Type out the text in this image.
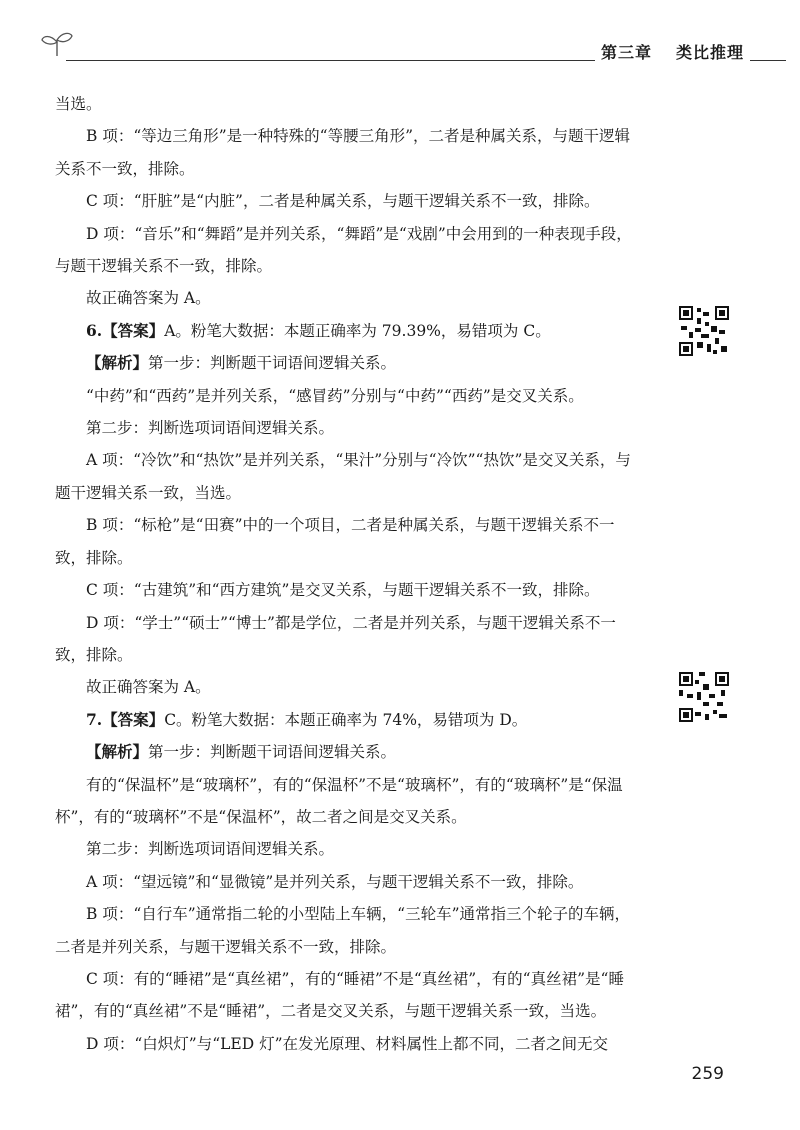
第三章 类比推理

当选。

B 项：“等边三角形”是一种特殊的“等腰三角形”，二者是种属关系，与题干逻辑关系不一致，排除。

C 项：“肝脏”是“内脏”，二者是种属关系，与题干逻辑关系不一致，排除。

D 项：“音乐”和“舞蹈”是并列关系，“舞蹈”是“戏剧”中会用到的一种表现手段，与题干逻辑关系不一致，排除。

故正确答案为 A。

6.【答案】A。粉笔大数据：本题正确率为 79.39%，易错项为 C。

【解析】第一步：判断题干词语间逻辑关系。

“中药”和“西药”是并列关系，“感冒药”分别与“中药”“西药”是交叉关系。

第二步：判断选项词语间逻辑关系。

A 项：“冷饮”和“热饮”是并列关系，“果汁”分别与“冷饮”“热饮”是交叉关系，与题干逻辑关系一致，当选。

B 项：“标枪”是“田赛”中的一个项目，二者是种属关系，与题干逻辑关系不一致，排除。

C 项：“古建筑”和“西方建筑”是交叉关系，与题干逻辑关系不一致，排除。

D 项：“学士”“硕士”“博士”都是学位，二者是并列关系，与题干逻辑关系不一致，排除。

故正确答案为 A。

7.【答案】C。粉笔大数据：本题正确率为 74%，易错项为 D。

【解析】第一步：判断题干词语间逻辑关系。

有的“保温杯”是“玻璃杯”，有的“保温杯”不是“玻璃杯”，有的“玻璃杯”是“保温杯”，有的“玻璃杯”不是“保温杯”，故二者之间是交叉关系。

第二步：判断选项词语间逻辑关系。

A 项：“望远镜”和“显微镜”是并列关系，与题干逻辑关系不一致，排除。

B 项：“自行车”通常指二轮的小型陆上车辆，“三轮车”通常指三个轮子的车辆，二者是并列关系，与题干逻辑关系不一致，排除。

C 项：有的“睡裙”是“真丝裙”，有的“睡裙”不是“真丝裙”，有的“真丝裙”是“睡裙”，有的“真丝裙”不是“睡裙”，二者是交叉关系，与题干逻辑关系一致，当选。

D 项：“白炽灯”与“LED 灯”在发光原理、材料属性上都不同，二者之间无交

259
